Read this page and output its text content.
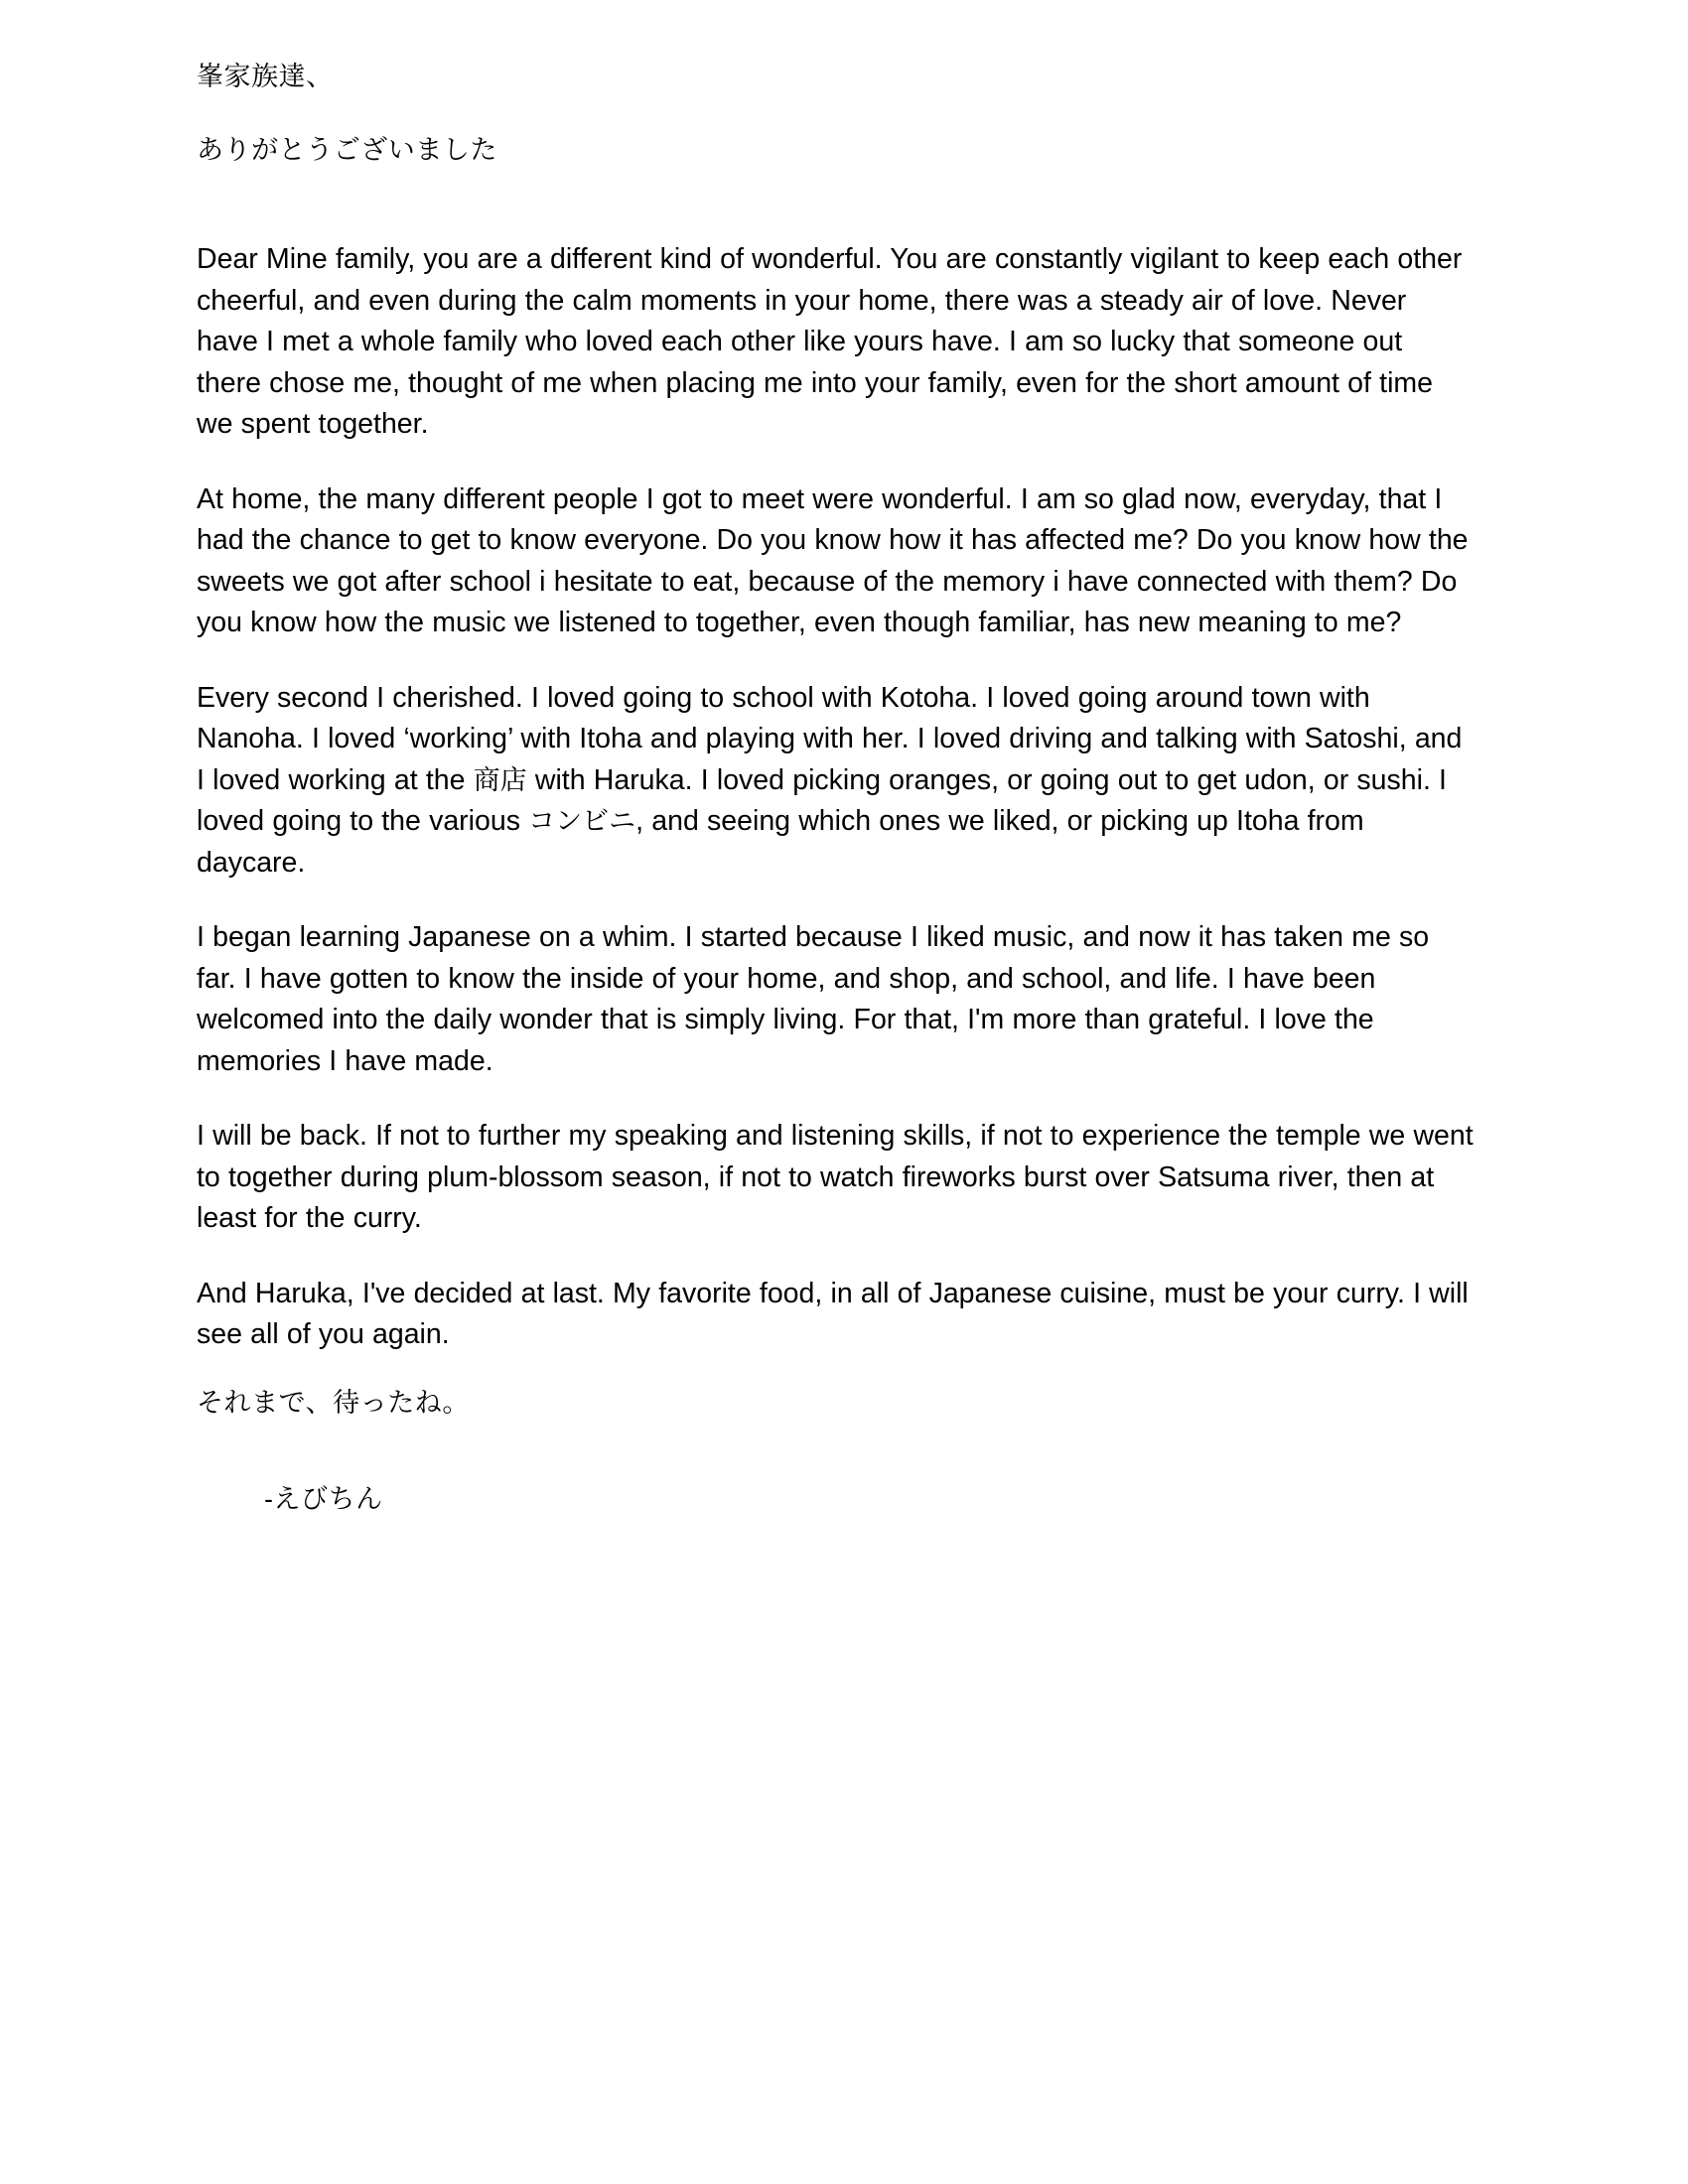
峯家族達、
ありがとうございました

Dear Mine family, you are a different kind of wonderful. You are constantly vigilant to keep each other cheerful, and even during the calm moments in your home, there was a steady air of love. Never have I met a whole family who loved each other like yours have. I am so lucky that someone out there chose me, thought of me when placing me into your family, even for the short amount of time we spent together.

At home, the many different people I got to meet were wonderful. I am so glad now, everyday, that I had the chance to get to know everyone. Do you know how it has affected me? Do you know how the sweets we got after school i hesitate to eat, because of the memory i have connected with them? Do you know how the music we listened to together, even though familiar, has new meaning to me?

Every second I cherished. I loved going to school with Kotoha. I loved going around town with Nanoha. I loved ‘working’ with Itoha and playing with her. I loved driving and talking with Satoshi, and I loved working at the 商店 with Haruka. I loved picking oranges, or going out to get udon, or sushi. I loved going to the various コンビニ, and seeing which ones we liked, or picking up Itoha from daycare.

I began learning Japanese on a whim. I started because I liked music, and now it has taken me so far. I have gotten to know the inside of your home, and shop, and school, and life. I have been welcomed into the daily wonder that is simply living. For that, I'm more than grateful. I love the memories I have made.

I will be back. If not to further my speaking and listening skills, if not to experience the temple we went to together during plum-blossom season, if not to watch fireworks burst over Satsuma river, then at least for the curry.

And Haruka, I've decided at last. My favorite food, in all of Japanese cuisine, must be your curry. I will see all of you again.

それまで、待ったね。
-えびちん
